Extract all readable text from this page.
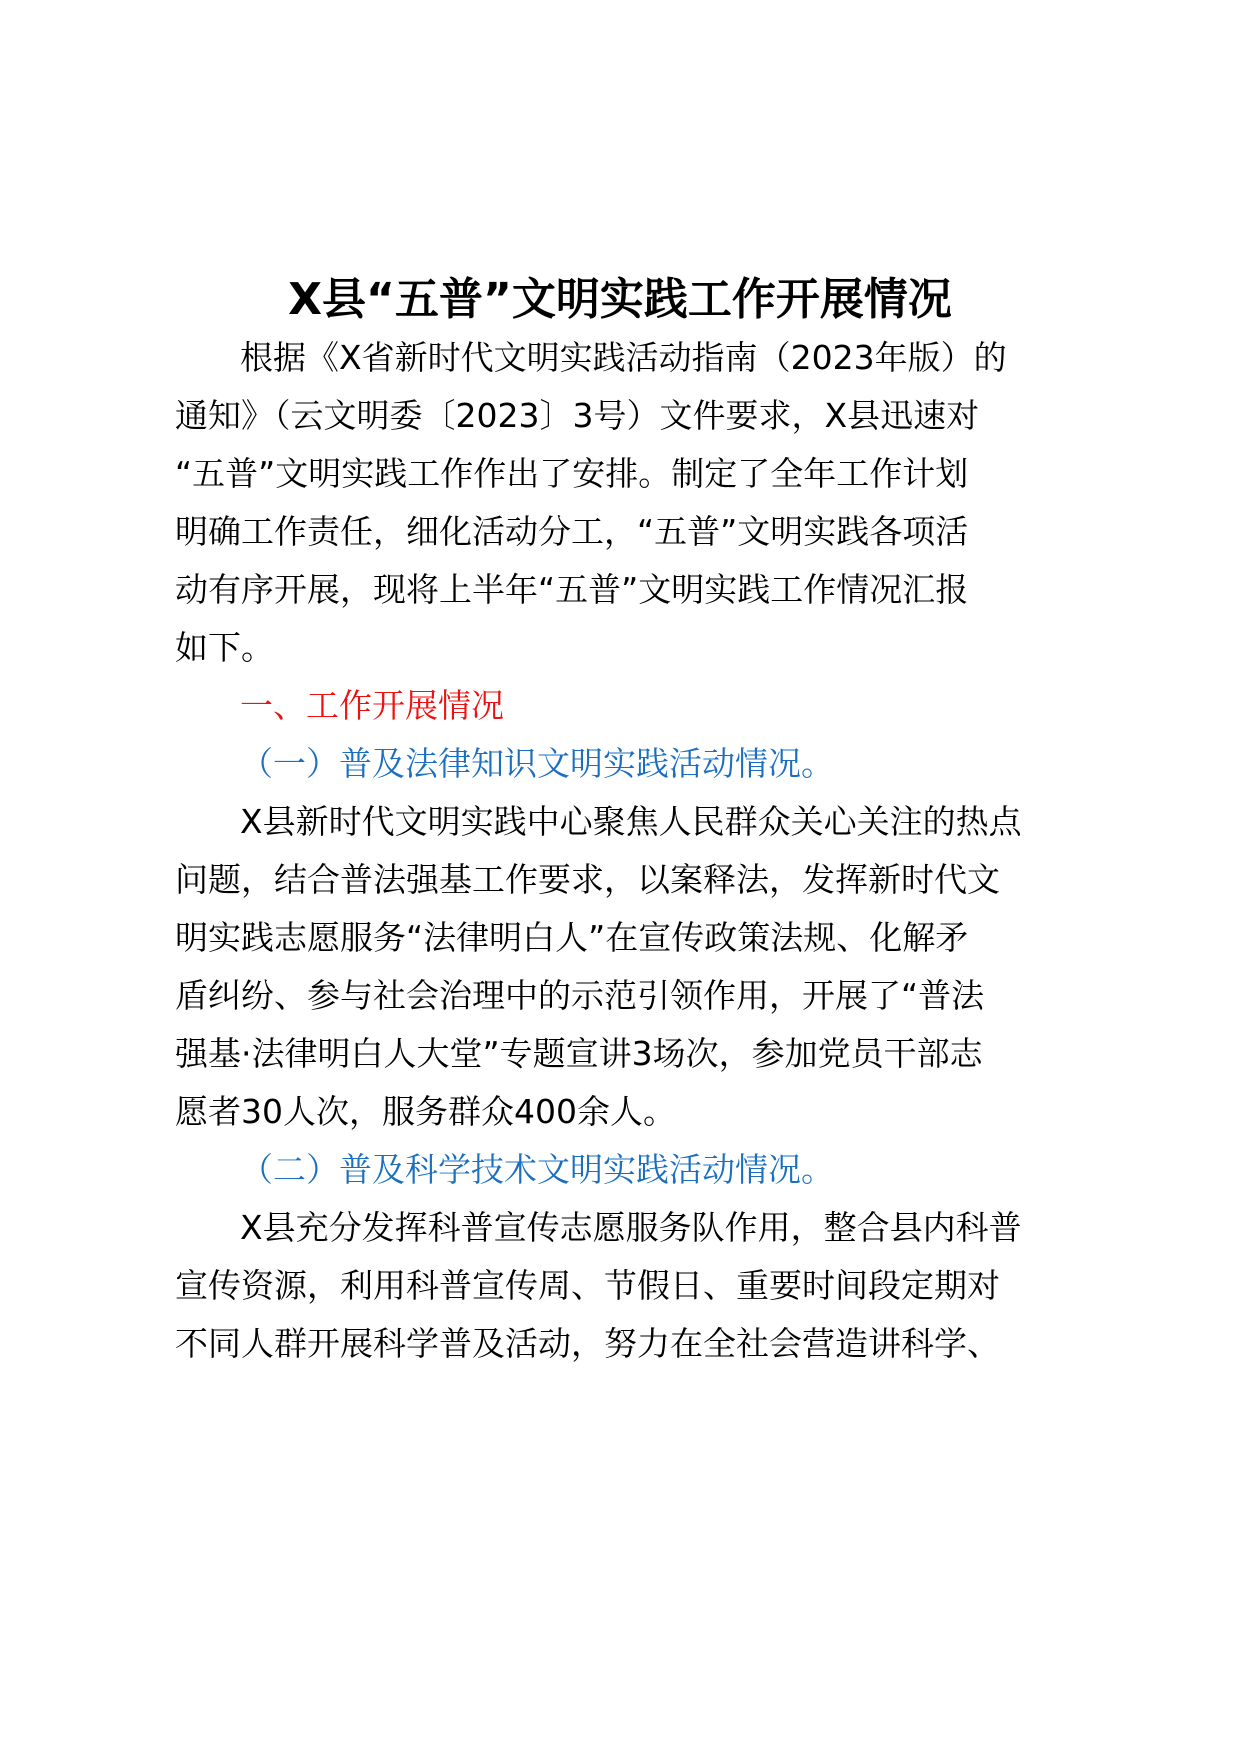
X县“五普”文明实践工作开展情况
根据《X省新时代文明实践活动指南（2023年版）的
通知》（云文明委〔2023〕3号）文件要求，X县迅速对
“五普”文明实践工作作出了安排。制定了全年工作计划
明确工作责任，细化活动分工，“五普”文明实践各项活
动有序开展，现将上半年“五普”文明实践工作情况汇报
如下。
一、工作开展情况
（一）普及法律知识文明实践活动情况。
X县新时代文明实践中心聚焦人民群众关心关注的热点
问题，结合普法强基工作要求，以案释法，发挥新时代文
明实践志愿服务“法律明白人”在宣传政策法规、化解矛
盾纠纷、参与社会治理中的示范引领作用，开展了“普法
强基·法律明白人大堂”专题宣讲3场次，参加党员干部志
愿者30人次，服务群众400余人。
（二）普及科学技术文明实践活动情况。
X县充分发挥科普宣传志愿服务队作用，整合县内科普
宣传资源，利用科普宣传周、节假日、重要时间段定期对
不同人群开展科学普及活动，努力在全社会营造讲科学、
